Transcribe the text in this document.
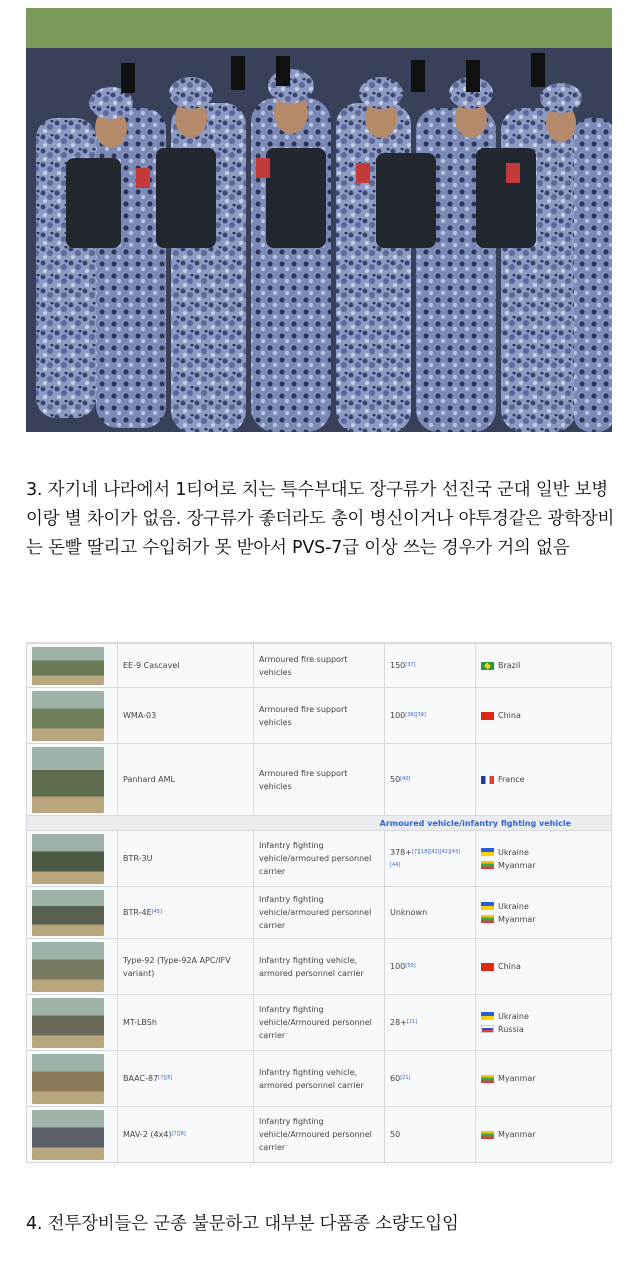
3. 자기네 나라에서 1티어로 치는 특수부대도 장구류가 선진국 군대 일반 보병이랑 별 차이가 없음. 장구류가 좋더라도 총이 병신이거나 야투경같은 광학장비는 돈빨 딸리고 수입허가 못 받아서 PVS-7급 이상 쓰는 경우가 거의 없음
	EE-9 Cascavel	Armoured fire support vehicles	150[37]	Brazil

	WMA-03	Armoured fire support vehicles	100[38][39]	China

	Panhard AML	Armoured fire support vehicles	50[40]	France

Armoured vehicle/infantry fighting vehicle				

	BTR-3U	Infantry fighting vehicle/armoured personnel carrier	378+[7][18][41][42][43][44]	Ukraine
Myanmar

	BTR-4E[45]	Infantry fighting vehicle/armoured personnel carrier	Unknown	Ukraine
Myanmar

	Type-92 (Type-92A APC/IFV variant)	Infantry fighting vehicle, armored personnel carrier	100[50]	China

	MT-LBSh	Infantry fighting vehicle/Armoured personnel carrier	28+[21]	Ukraine
Russia

	BAAC-87[7][8]	Infantry fighting vehicle, armored personnel carrier	60[21]	Myanmar

	MAV-2 (4x4)[7][8]	Infantry fighting vehicle/Armoured personnel carrier	50	Myanmar
4. 전투장비들은 군종 불문하고 대부분 다품종 소량도입임
